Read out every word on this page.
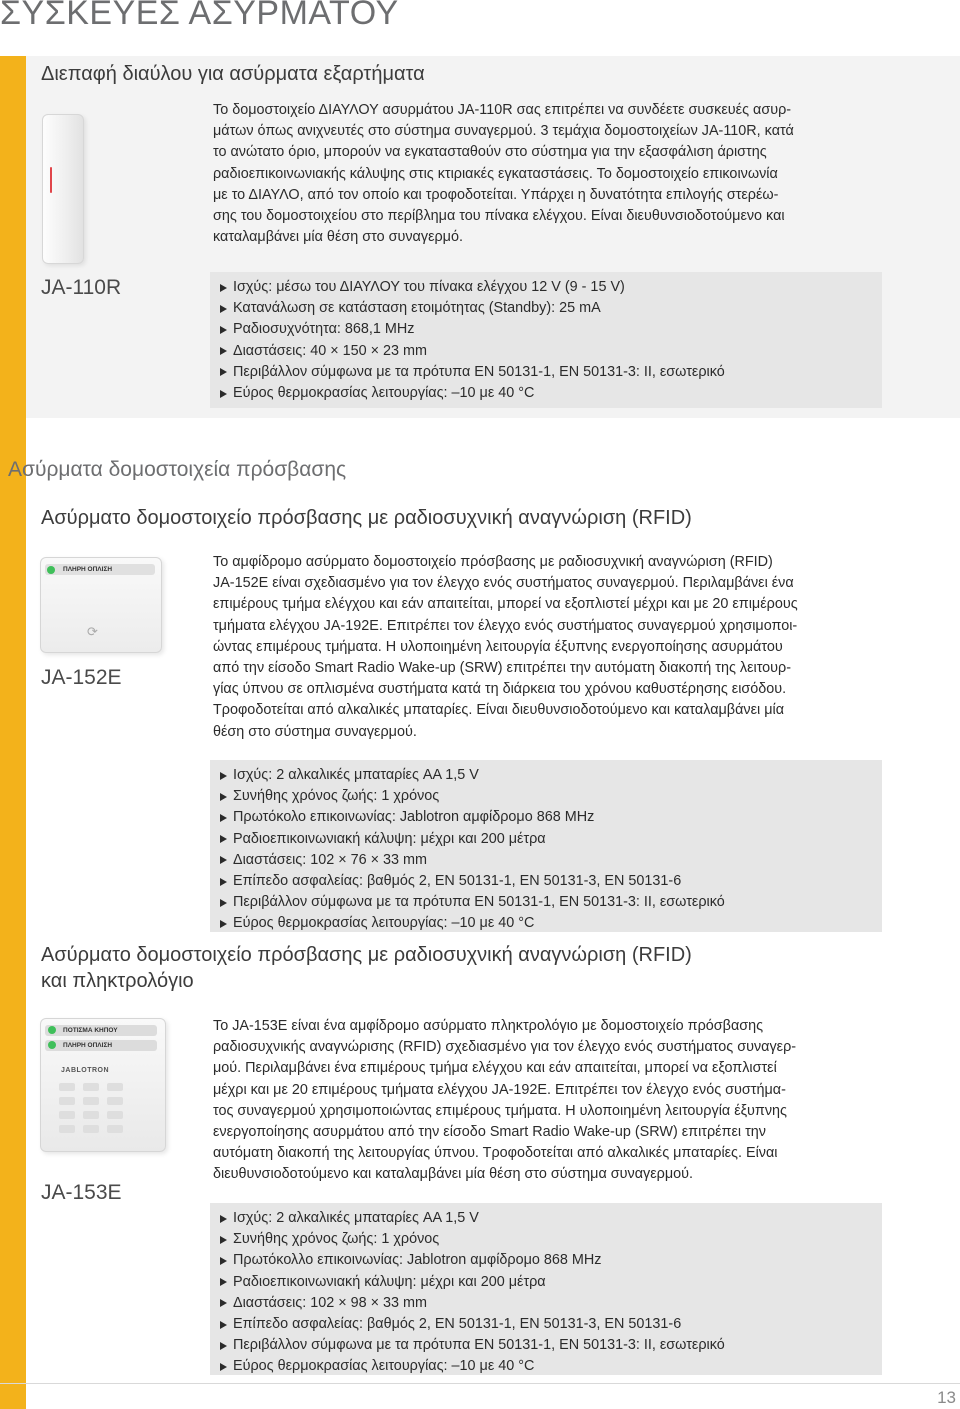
ΣΥΣΚΕΥΕΣ ΑΣΥΡΜΑΤΟΥ
Διεπαφή διαύλου για ασύρματα εξαρτήματα
JA-110R

Το δομοστοιχείο ΔΙΑΥΛΟΥ ασυρμάτου JA-110R σας επιτρέπει να συνδέετε συσκευές ασυρ-

μάτων όπως ανιχνευτές στο σύστημα συναγερμού. 3 τεμάχια δομοστοιχείων JA-110R, κατά

το ανώτατο όριο, μπορούν να εγκατασταθούν στο σύστημα για την εξασφάλιση άριστης

ραδιοεπικοινωνιακής κάλυψης στις κτιριακές εγκαταστάσεις. Το δομοστοιχείο επικοινωνία

με το ΔΙΑΥΛΟ, από τον οποίο και τροφοδοτείται. Υπάρχει η δυνατότητα επιλογής στερέω-

σης του δομοστοιχείου στο περίβλημα του πίνακα ελέγχου. Είναι διευθυνσιοδοτούμενο και

καταλαμβάνει μία θέση στο συναγερμό.

Ισχύς: μέσω του ΔΙΑΥΛΟΥ του πίνακα ελέγχου 12 V (9 - 15 V)
Κατανάλωση σε κατάσταση ετοιμότητας (Standby): 25 mA
Ραδιοσυχνότητα: 868,1 MHz
Διαστάσεις: 40 × 150 × 23 mm
Περιβάλλον σύμφωνα με τα πρότυπα EN 50131-1, EN 50131-3: II, εσωτερικό
Εύρος θερμοκρασίας λειτουργίας: –10 με 40 °C
Ασύρματα δομοστοιχεία πρόσβασης
Ασύρματο δομοστοιχείο πρόσβασης με ραδιοσυχνική αναγνώριση (RFID)
ΠΛΗΡΗ ΟΠΛΙΣΗ
⟳
JA-152E

Το αμφίδρομο ασύρματο δομοστοιχείο πρόσβασης με ραδιοσυχνική αναγνώριση (RFID)

JA-152E είναι σχεδιασμένο για τον έλεγχο ενός συστήματος συναγερμού. Περιλαμβάνει ένα

επιμέρους τμήμα ελέγχου και εάν απαιτείται, μπορεί να εξοπλιστεί μέχρι και με 20 επιμέρους

τμήματα ελέγχου JA-192E. Επιτρέπει τον έλεγχο ενός συστήματος συναγερμού χρησιμοποι-

ώντας επιμέρους τμήματα. Η υλοποιημένη λειτουργία έξυπνης ενεργοποίησης ασυρμάτου

από την είσοδο Smart Radio Wake-up (SRW) επιτρέπει την αυτόματη διακοπή της λειτουρ-

γίας ύπνου σε οπλισμένα συστήματα κατά τη διάρκεια του χρόνου καθυστέρησης εισόδου.

Τροφοδοτείται από αλκαλικές μπαταρίες. Είναι διευθυνσιοδοτούμενο και καταλαμβάνει μία

θέση στο σύστημα συναγερμού.

Ισχύς: 2 αλκαλικές μπαταρίες AA 1,5 V
Συνήθης χρόνος ζωής: 1 χρόνος
Πρωτόκολο επικοινωνίας: Jablotron αμφίδρομο 868 MHz
Ραδιοεπικοινωνιακή κάλυψη: μέχρι και 200 μέτρα
Διαστάσεις: 102 × 76 × 33 mm
Επίπεδο ασφαλείας: βαθμός 2, EN 50131-1, EN 50131-3, EN 50131-6
Περιβάλλον σύμφωνα με τα πρότυπα EN 50131-1, EN 50131-3: II, εσωτερικό
Εύρος θερμοκρασίας λειτουργίας: –10 με 40 °C
Ασύρματο δομοστοιχείο πρόσβασης με ραδιοσυχνική αναγνώριση (RFID)
και πληκτρολόγιο
ΠΟΤΙΣΜΑ ΚΗΠΟΥ
ΠΛΗΡΗ ΟΠΛΙΣΗ
JABLOTRON
JA-153E

Το JA-153E είναι ένα αμφίδρομο ασύρματο πληκτρολόγιο με δομοστοιχείο πρόσβασης

ραδιοσυχνικής αναγνώρισης (RFID) σχεδιασμένο για τον έλεγχο ενός συστήματος συναγερ-

μού. Περιλαμβάνει ένα επιμέρους τμήμα ελέγχου και εάν απαιτείται, μπορεί να εξοπλιστεί

μέχρι και με 20 επιμέρους τμήματα ελέγχου JA-192E. Επιτρέπει τον έλεγχο ενός συστήμα-

τος συναγερμού χρησιμοποιώντας επιμέρους τμήματα. Η υλοποιημένη λειτουργία έξυπνης

ενεργοποίησης ασυρμάτου από την είσοδο Smart Radio Wake-up (SRW) επιτρέπει την

αυτόματη διακοπή της λειτουργίας ύπνου. Τροφοδοτείται από αλκαλικές μπαταρίες. Είναι

διευθυνσιοδοτούμενο και καταλαμβάνει μία θέση στο σύστημα συναγερμού.

Ισχύς: 2 αλκαλικές μπαταρίες AA 1,5 V
Συνήθης χρόνος ζωής: 1 χρόνος
Πρωτόκολλο επικοινωνίας: Jablotron αμφίδρομο 868 MHz
Ραδιοεπικοινωνιακή κάλυψη: μέχρι και 200 μέτρα
Διαστάσεις: 102 × 98 × 33 mm
Επίπεδο ασφαλείας: βαθμός 2, EN 50131-1, EN 50131-3, EN 50131-6
Περιβάλλον σύμφωνα με τα πρότυπα EN 50131-1, EN 50131-3: II, εσωτερικό
Εύρος θερμοκρασίας λειτουργίας: –10 με 40 °C
13
